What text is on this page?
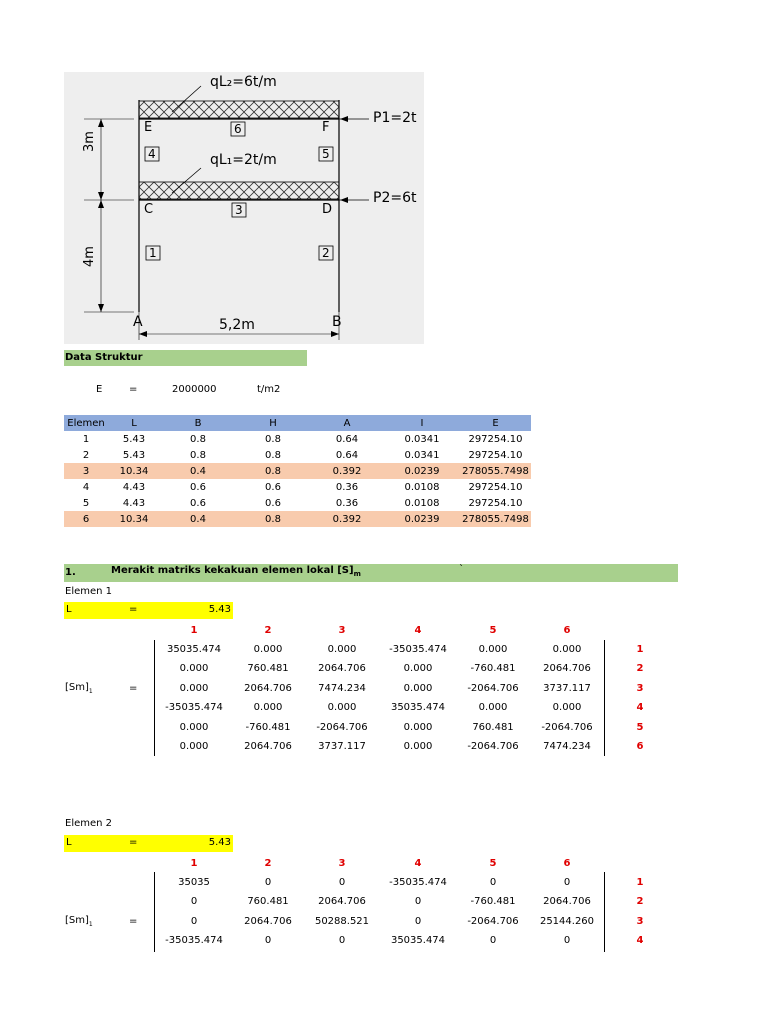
qL₂=6t/m
qL₁=2t/m
P1=2t
P2=6t
E	F
C	D
A	B
6
4	5
3
1	2
3m
4m
5,2m
Data Struktur
E	=	2000000	t/m2
Elemen	L	B	H	A	I	E
1	5.43	0.8	0.8	0.64	0.0341	297254.10
2	5.43	0.8	0.8	0.64	0.0341	297254.10
3	10.34	0.4	0.8	0.392	0.0239	278055.7498
4	4.43	0.6	0.6	0.36	0.0108	297254.10
5	4.43	0.6	0.6	0.36	0.0108	297254.10
6	10.34	0.4	0.8	0.392	0.0239	278055.7498
1.	Merakit matriks kekakuan elemen lokal $[S]_m$	`
Elemen 1
L	=	5.43
1	2	3	4	5	6
$[Sm]_1$	=
35035.474	0.000	0.000	-35035.474	0.000	0.000	1
0.000	760.481	2064.706	0.000	-760.481	2064.706	2
0.000	2064.706	7474.234	0.000	-2064.706	3737.117	3
-35035.474	0.000	0.000	35035.474	0.000	0.000	4
0.000	-760.481	-2064.706	0.000	760.481	-2064.706	5
0.000	2064.706	3737.117	0.000	-2064.706	7474.234	6
Elemen 2
L	=	5.43
1	2	3	4	5	6
$[Sm]_1$	=
35035	0	0	-35035.474	0	0	1
0	760.481	2064.706	0	-760.481	2064.706	2
0	2064.706	50288.521	0	-2064.706	25144.260	3
-35035.474	0	0	35035.474	0	0	4
